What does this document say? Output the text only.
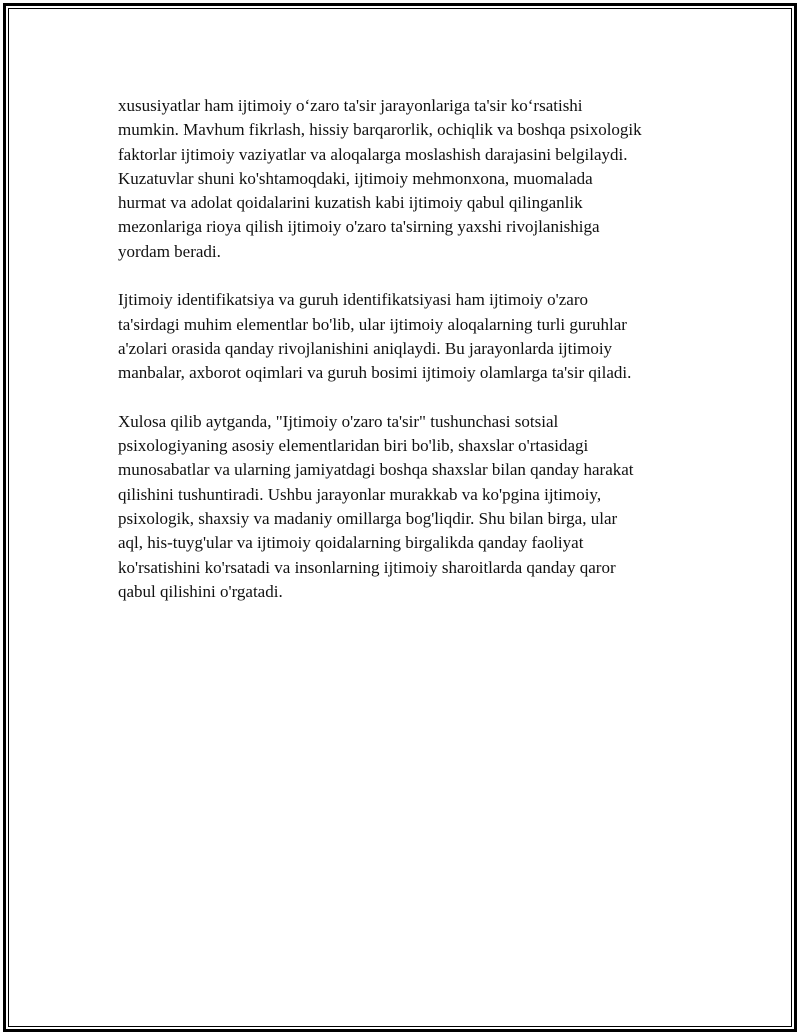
xususiyatlar ham ijtimoiy o‘zaro ta'sir jarayonlariga ta'sir ko‘rsatishi
mumkin. Mavhum fikrlash, hissiy barqarorlik, ochiqlik va boshqa psixologik
faktorlar ijtimoiy vaziyatlar va aloqalarga moslashish darajasini belgilaydi.
Kuzatuvlar shuni ko'shtamoqdaki, ijtimoiy mehmonxona, muomalada
hurmat va adolat qoidalarini kuzatish kabi ijtimoiy qabul qilinganlik
mezonlariga rioya qilish ijtimoiy o'zaro ta'sirning yaxshi rivojlanishiga
yordam beradi.
Ijtimoiy identifikatsiya va guruh identifikatsiyasi ham ijtimoiy o'zaro
ta'sirdagi muhim elementlar bo'lib, ular ijtimoiy aloqalarning turli guruhlar
a'zolari orasida qanday rivojlanishini aniqlaydi. Bu jarayonlarda ijtimoiy
manbalar, axborot oqimlari va guruh bosimi ijtimoiy olamlarga ta'sir qiladi.
Xulosa qilib aytganda, "Ijtimoiy o'zaro ta'sir" tushunchasi sotsial
psixologiyaning asosiy elementlaridan biri bo'lib, shaxslar o'rtasidagi
munosabatlar va ularning jamiyatdagi boshqa shaxslar bilan qanday harakat
qilishini tushuntiradi. Ushbu jarayonlar murakkab va ko'pgina ijtimoiy,
psixologik, shaxsiy va madaniy omillarga bog'liqdir. Shu bilan birga, ular
aql, his-tuyg'ular va ijtimoiy qoidalarning birgalikda qanday faoliyat
ko'rsatishini ko'rsatadi va insonlarning ijtimoiy sharoitlarda qanday qaror
qabul qilishini o'rgatadi.
